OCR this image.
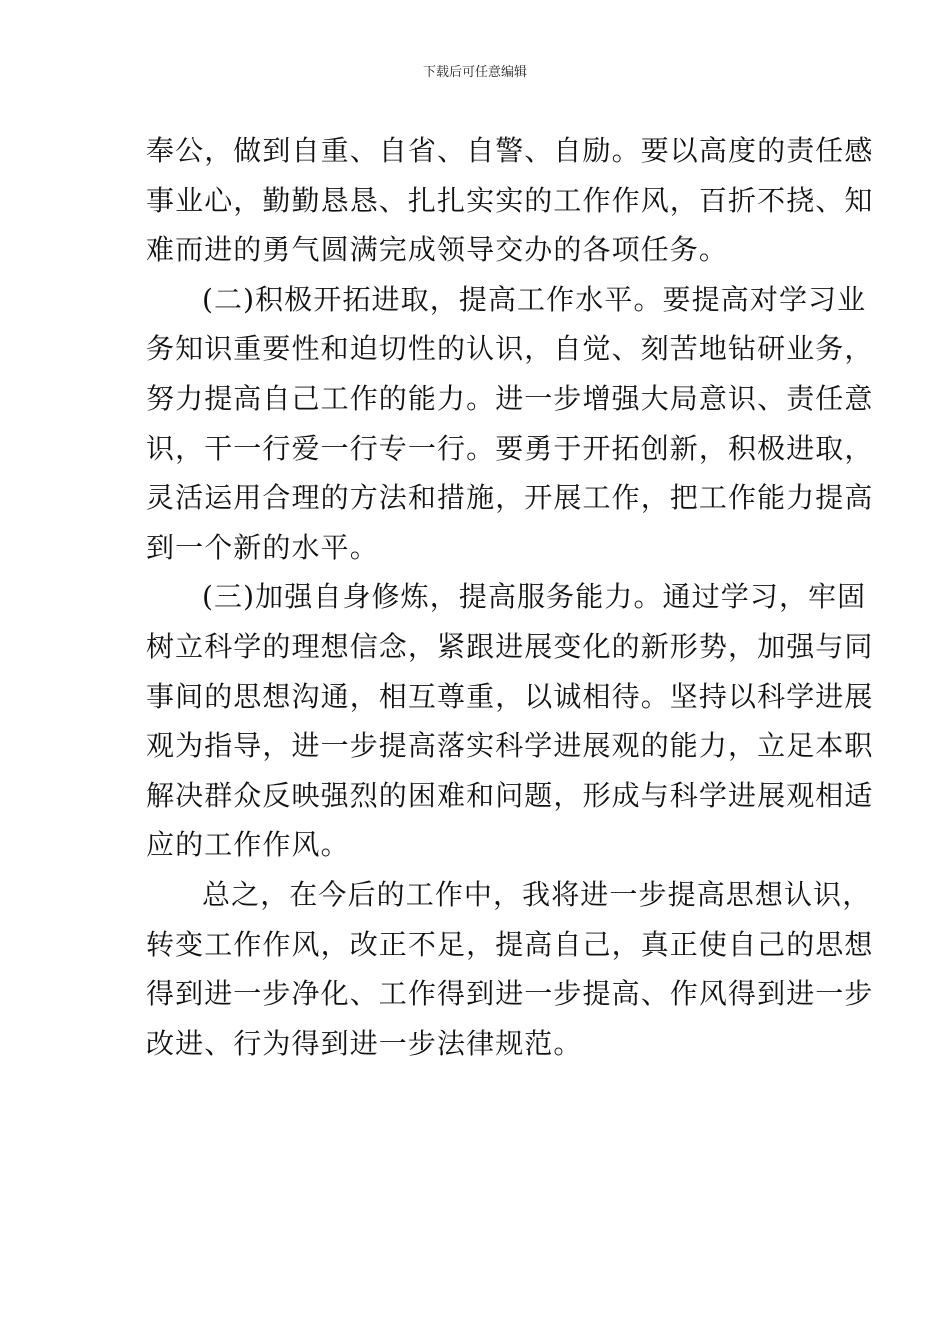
下载后可任意编辑
奉公，做到自重、自省、自警、自励。要以高度的责任感
事业心，勤勤恳恳、扎扎实实的工作作风，百折不挠、知
难而进的勇气圆满完成领导交办的各项任务。
(二)积极开拓进取，提高工作水平。要提高对学习业
务知识重要性和迫切性的认识，自觉、刻苦地钻研业务，
努力提高自己工作的能力。进一步增强大局意识、责任意
识，干一行爱一行专一行。要勇于开拓创新，积极进取，
灵活运用合理的方法和措施，开展工作，把工作能力提高
到一个新的水平。
(三)加强自身修炼，提高服务能力。通过学习，牢固
树立科学的理想信念，紧跟进展变化的新形势，加强与同
事间的思想沟通，相互尊重，以诚相待。坚持以科学进展
观为指导，进一步提高落实科学进展观的能力，立足本职
解决群众反映强烈的困难和问题，形成与科学进展观相适
应的工作作风。
总之，在今后的工作中，我将进一步提高思想认识，
转变工作作风，改正不足，提高自己，真正使自己的思想
得到进一步净化、工作得到进一步提高、作风得到进一步
改进、行为得到进一步法律规范。
